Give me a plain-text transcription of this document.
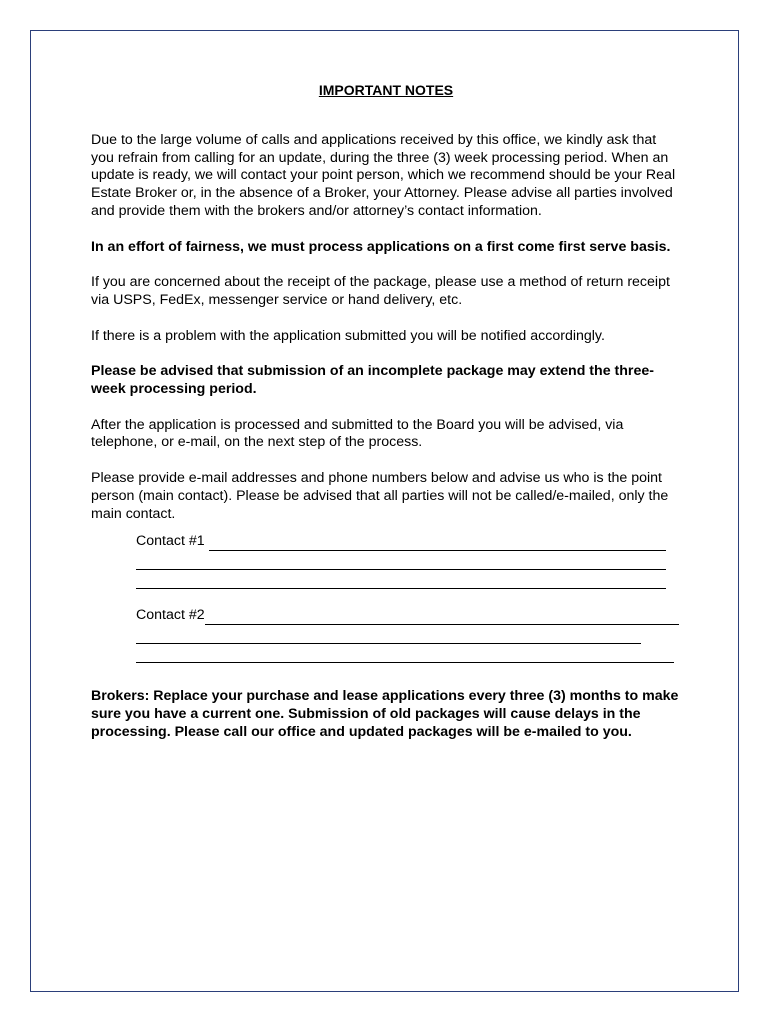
IMPORTANT NOTES

Due to the large volume of calls and applications received by this office, we kindly ask that you refrain from calling for an update, during the three (3) week processing period. When an update is ready, we will contact your point person, which we recommend should be your Real Estate Broker or, in the absence of a Broker, your Attorney. Please advise all parties involved and provide them with the brokers and/or attorney’s contact information.

In an effort of fairness, we must process applications on a first come first serve basis.

If you are concerned about the receipt of the package, please use a method of return receipt via USPS, FedEx, messenger service or hand delivery, etc.

If there is a problem with the application submitted you will be notified accordingly.

Please be advised that submission of an incomplete package may extend the three-week processing period.

After the application is processed and submitted to the Board you will be advised, via telephone, or e-mail, on the next step of the process.

Please provide e-mail addresses and phone numbers below and advise us who is the point person (main contact). Please be advised that all parties will not be called/e-mailed, only the main contact.

Contact #1
Contact #2

Brokers: Replace your purchase and lease applications every three (3) months to make sure you have a current one. Submission of old packages will cause delays in the processing. Please call our office and updated packages will be e-mailed to you.
